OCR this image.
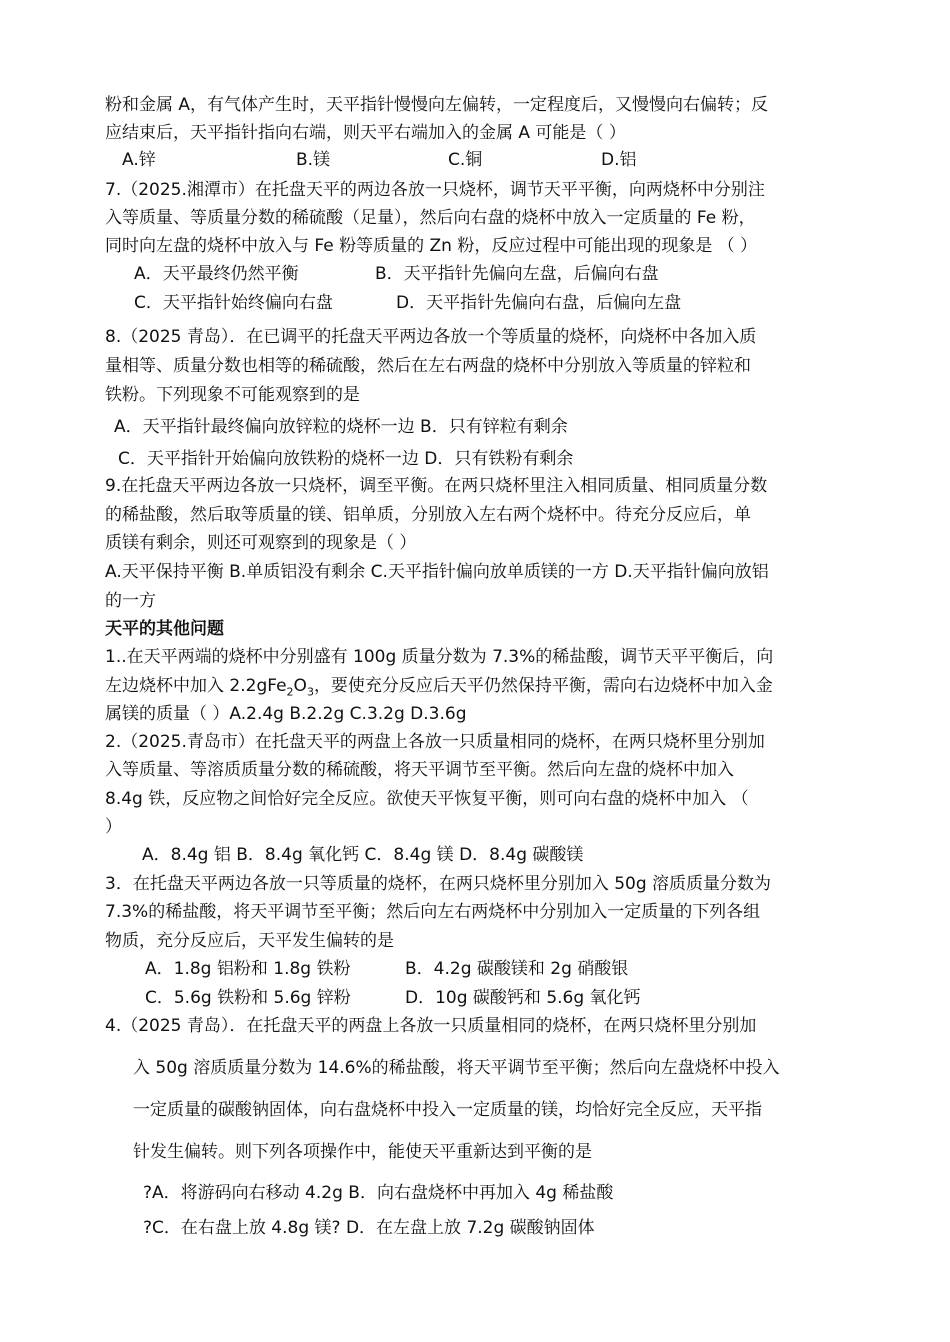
粉和金属 A，有气体产生时，天平指针慢慢向左偏转，一定程度后，又慢慢向右偏转；反
应结束后，天平指针指向右端，则天平右端加入的金属 A 可能是（ ）
A.锌	B.镁	C.铜	D.铝
7.（2025.湘潭市）在托盘天平的两边各放一只烧杯，调节天平平衡，向两烧杯中分别注
入等质量、等质量分数的稀硫酸（足量），然后向右盘的烧杯中放入一定质量的 Fe 粉，
同时向左盘的烧杯中放入与 Fe 粉等质量的 Zn 粉，反应过程中可能出现的现象是 （ ）
A．天平最终仍然平衡	B．天平指针先偏向左盘，后偏向右盘
C．天平指针始终偏向右盘	D．天平指针先偏向右盘，后偏向左盘
8.（2025 青岛）．在已调平的托盘天平两边各放一个等质量的烧杯，向烧杯中各加入质
量相等、质量分数也相等的稀硫酸，然后在左右两盘的烧杯中分别放入等质量的锌粒和
铁粉。下列现象不可能观察到的是
A．天平指针最终偏向放锌粒的烧杯一边 B．只有锌粒有剩余
C．天平指针开始偏向放铁粉的烧杯一边 D．只有铁粉有剩余
9.在托盘天平两边各放一只烧杯，调至平衡。在两只烧杯里注入相同质量、相同质量分数
的稀盐酸，然后取等质量的镁、铝单质，分别放入左右两个烧杯中。待充分反应后，单
质镁有剩余，则还可观察到的现象是（ ）
A.天平保持平衡 B.单质铝没有剩余 C.天平指针偏向放单质镁的一方 D.天平指针偏向放铝
的一方
天平的其他问题
1..在天平两端的烧杯中分别盛有 100g 质量分数为 7.3%的稀盐酸，调节天平平衡后，向
左边烧杯中加入 $2.2gFe_2O_3$，要使充分反应后天平仍然保持平衡，需向右边烧杯中加入金
属镁的质量（ ）A.2.4g B.2.2g C.3.2g D.3.6g
2.（2025.青岛市）在托盘天平的两盘上各放一只质量相同的烧杯，在两只烧杯里分别加
入等质量、等溶质质量分数的稀硫酸，将天平调节至平衡。然后向左盘的烧杯中加入
8.4g 铁，反应物之间恰好完全反应。欲使天平恢复平衡，则可向右盘的烧杯中加入 （
）
A．8.4g 铝 B．8.4g 氧化钙 C．8.4g 镁 D．8.4g 碳酸镁
3．在托盘天平两边各放一只等质量的烧杯，在两只烧杯里分别加入 50g 溶质质量分数为
7.3%的稀盐酸，将天平调节至平衡；然后向左右两烧杯中分别加入一定质量的下列各组
物质，充分反应后，天平发生偏转的是
A．1.8g 铝粉和 1.8g 铁粉	B．4.2g 碳酸镁和 2g 硝酸银
C．5.6g 铁粉和 5.6g 锌粉	D．10g 碳酸钙和 5.6g 氧化钙
4.（2025 青岛）．在托盘天平的两盘上各放一只质量相同的烧杯，在两只烧杯里分别加
入 50g 溶质质量分数为 14.6%的稀盐酸，将天平调节至平衡；然后向左盘烧杯中投入
一定质量的碳酸钠固体，向右盘烧杯中投入一定质量的镁，均恰好完全反应，天平指
针发生偏转。则下列各项操作中，能使天平重新达到平衡的是
?A．将游码向右移动 4.2g B．向右盘烧杯中再加入 4g 稀盐酸
?C．在右盘上放 4.8g 镁? D．在左盘上放 7.2g 碳酸钠固体
